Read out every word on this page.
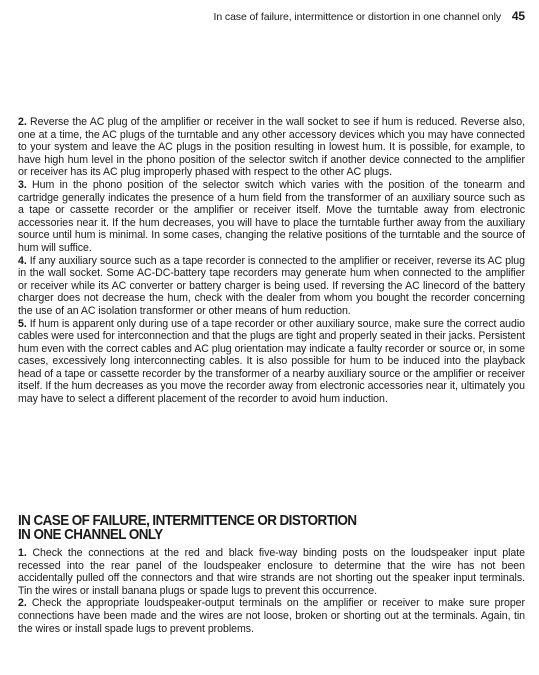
In case of failure, intermittence or distortion in one channel only 45

2. Reverse the AC plug of the amplifier or receiver in the wall socket to see if hum is reduced. Reverse also, one at a time, the AC plugs of the turntable and any other accessory devices which you may have connected to your system and leave the AC plugs in the position resulting in lowest hum. It is possible, for example, to have high hum level in the phono position of the selector switch if another device connected to the amplifier or receiver has its AC plug improperly phased with respect to the other AC plugs.

3. Hum in the phono position of the selector switch which varies with the position of the tonearm and cartridge generally indicates the presence of a hum field from the transformer of an auxiliary source such as a tape or cassette recorder or the amplifier or receiver itself. Move the turntable away from electronic accessories near it. If the hum decreases, you will have to place the turntable further away from the auxiliary source until hum is minimal. In some cases, changing the relative positions of the turntable and the source of hum will suffice.

4. If any auxiliary source such as a tape recorder is connected to the amplifier or receiver, reverse its AC plug in the wall socket. Some AC-DC-battery tape recorders may generate hum when connected to the amplifier or receiver while its AC converter or battery charger is being used. If reversing the AC linecord of the battery charger does not decrease the hum, check with the dealer from whom you bought the recorder concerning the use of an AC isolation transformer or other means of hum reduction.

5. If hum is apparent only during use of a tape recorder or other auxiliary source, make sure the correct audio cables were used for interconnection and that the plugs are tight and properly seated in their jacks. Persistent hum even with the correct cables and AC plug orientation may indicate a faulty recorder or source or, in some cases, excessively long interconnecting cables. It is also possible for hum to be induced into the playback head of a tape or cassette recorder by the transformer of a nearby auxiliary source or the amplifier or receiver itself. If the hum decreases as you move the recorder away from electronic accessories near it, ultimately you may have to select a different placement of the recorder to avoid hum induction.

IN CASE OF FAILURE, INTERMITTENCE OR DISTORTION
IN ONE CHANNEL ONLY

1. Check the connections at the red and black five-way binding posts on the loudspeaker input plate recessed into the rear panel of the loudspeaker enclosure to determine that the wire has not been accidentally pulled off the connectors and that wire strands are not shorting out the speaker input terminals. Tin the wires or install banana plugs or spade lugs to prevent this occurrence.

2. Check the appropriate loudspeaker-output terminals on the amplifier or receiver to make sure proper connections have been made and the wires are not loose, broken or shorting out at the terminals. Again, tin the wires or install spade lugs to prevent problems.
